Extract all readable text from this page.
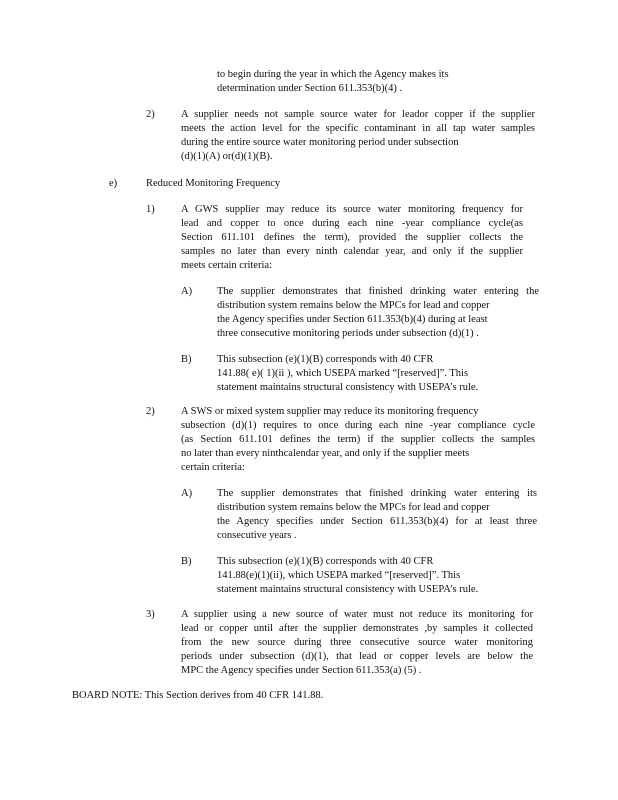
to begin during the year in which the Agency makes its
determination under Section 611.353(b)(4) .
2)	A supplier needs not sample source water for leador copper if the supplier
meets the action level for the specific contaminant in all tap water samples
during the entire source water monitoring period under subsection
(d)(1)(A) or(d)(1)(B).
e)	Reduced Monitoring Frequency
1)	A GWS supplier may reduce its source water monitoring frequency for
lead and copper to once during each nine -year compliance cycle(as
Section 611.101 defines the term), provided the supplier collects the
samples no later than every ninth calendar year, and only if the supplier
meets certain criteria:
A) The supplier demonstrates that finished drinking water entering the
distribution system remains below the MPCs for lead and copper
the Agency specifies under Section 611.353(b)(4) during at least
three consecutive monitoring periods under subsection (d)(1) .
B) This subsection (e)(1)(B) corresponds with 40 CFR
141.88( e)( 1)(ii ), which USEPA marked “[reserved]”. This
statement maintains structural consistency with USEPA’s rule.
2)	A SWS or mixed system supplier may reduce its monitoring frequency
subsection (d)(1) requires to once during each nine -year compliance cycle
(as Section 611.101 defines the term) if the supplier collects the samples
no later than every ninthcalendar year, and only if the supplier meets
certain criteria:
A) The supplier demonstrates that finished drinking water entering its
distribution system remains below the MPCs for lead and copper
the Agency specifies under Section 611.353(b)(4) for at least three
consecutive years .
B) This subsection (e)(1)(B) corresponds with 40 CFR
141.88(e)(1)(ii), which USEPA marked “[reserved]”. This
statement maintains structural consistency with USEPA’s rule.
3)	A supplier using a new source of water must not reduce its monitoring for
lead or copper until after the supplier demonstrates ,by samples it collected
from the new source during three consecutive source water monitoring
periods under subsection (d)(1), that lead or copper levels are below the
MPC the Agency specifies under Section 611.353(a) (5) .
BOARD NOTE: This Section derives from 40 CFR 141.88.
